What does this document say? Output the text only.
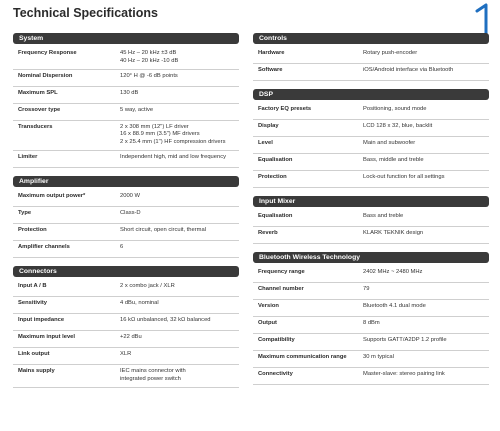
Technical Specifications
System
Frequency Response	45 Hz – 20 kHz ±3 dB
40 Hz – 20 kHz -10 dB
Nominal Dispersion	120° H @ -6 dB points
Maximum SPL	130 dB
Crossover type	5 way, active
Transducers	2 x 308 mm (12") LF driver
16 x 88.9 mm (3.5") MF drivers
2 x 25.4 mm (1") HF compression drivers
Limiter	Independent high, mid and low frequency
Amplifier
Maximum output power*	2000 W
Type	Class-D
Protection	Short circuit, open circuit, thermal
Amplifier channels	6
Connectors
Input A / B	2 x combo jack / XLR
Sensitivity	4 dBu, nominal
Input impedance	16 kΩ unbalanced, 32 kΩ balanced
Maximum input level	+22 dBu
Link output	XLR
Mains supply	IEC mains connector with
integrated power switch
Controls
Hardware	Rotary push-encoder
Software	iOS/Android interface via Bluetooth
DSP
Factory EQ presets	Positioning, sound mode
Display	LCD 128 x 32, blue, backlit
Level	Main and subwoofer
Equalisation	Bass, middle and treble
Protection	Lock-out function for all settings
Input Mixer
Equalisation	Bass and treble
Reverb	KLARK TEKNIK design
Bluetooth Wireless Technology
Frequency range	2402 MHz ~ 2480 MHz
Channel number	79
Version	Bluetooth 4.1 dual mode
Output	8 dBm
Compatibility	Supports GATT/A2DP 1.2 profile
Maximum communication range	30 m typical
Connectivity	Master-slave: stereo pairing link
